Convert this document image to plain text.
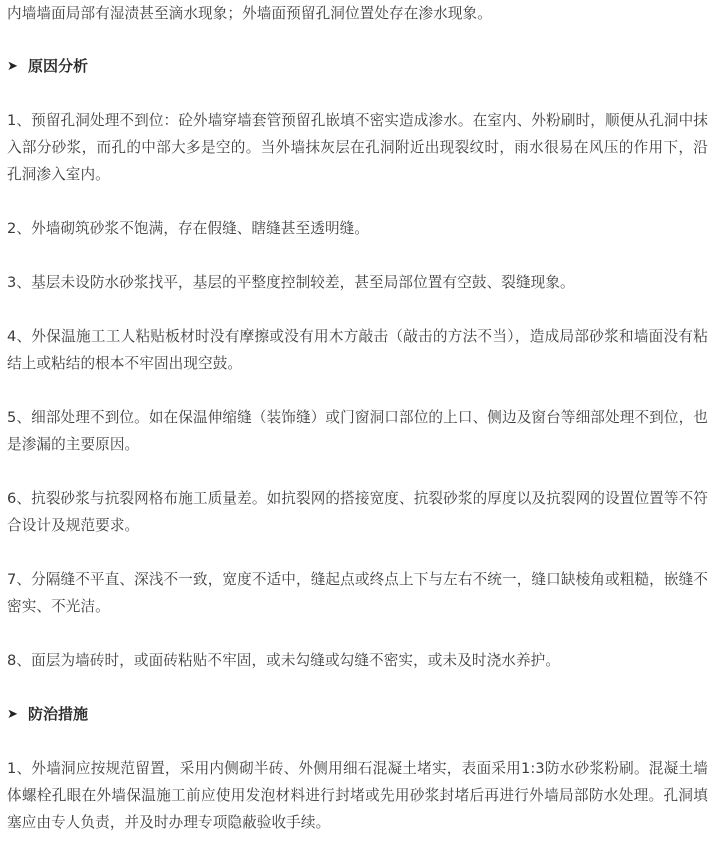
内墙墙面局部有湿渍甚至滴水现象；外墙面预留孔洞位置处存在渗水现象。

➤ 原因分析

1、预留孔洞处理不到位：砼外墙穿墙套管预留孔嵌填不密实造成渗水。在室内、外粉刷时，顺便从孔洞中抹入部分砂浆，而孔的中部大多是空的。当外墙抹灰层在孔洞附近出现裂纹时，雨水很易在风压的作用下，沿孔洞渗入室内。

2、外墙砌筑砂浆不饱满，存在假缝、瞎缝甚至透明缝。

3、基层未设防水砂浆找平，基层的平整度控制较差，甚至局部位置有空鼓、裂缝现象。

4、外保温施工工人粘贴板材时没有摩擦或没有用木方敲击（敲击的方法不当），造成局部砂浆和墙面没有粘结上或粘结的根本不牢固出现空鼓。

5、细部处理不到位。如在保温伸缩缝（装饰缝）或门窗洞口部位的上口、侧边及窗台等细部处理不到位，也是渗漏的主要原因。

6、抗裂砂浆与抗裂网格布施工质量差。如抗裂网的搭接宽度、抗裂砂浆的厚度以及抗裂网的设置位置等不符合设计及规范要求。

7、分隔缝不平直、深浅不一致，宽度不适中，缝起点或终点上下与左右不统一，缝口缺棱角或粗糙，嵌缝不密实、不光洁。

8、面层为墙砖时，或面砖粘贴不牢固，或未勾缝或勾缝不密实，或未及时浇水养护。

➤ 防治措施

1、外墙洞应按规范留置，采用内侧砌半砖、外侧用细石混凝土堵实，表面采用1:3防水砂浆粉刷。混凝土墙体螺栓孔眼在外墙保温施工前应使用发泡材料进行封堵或先用砂浆封堵后再进行外墙局部防水处理。孔洞填塞应由专人负责，并及时办理专项隐蔽验收手续。
